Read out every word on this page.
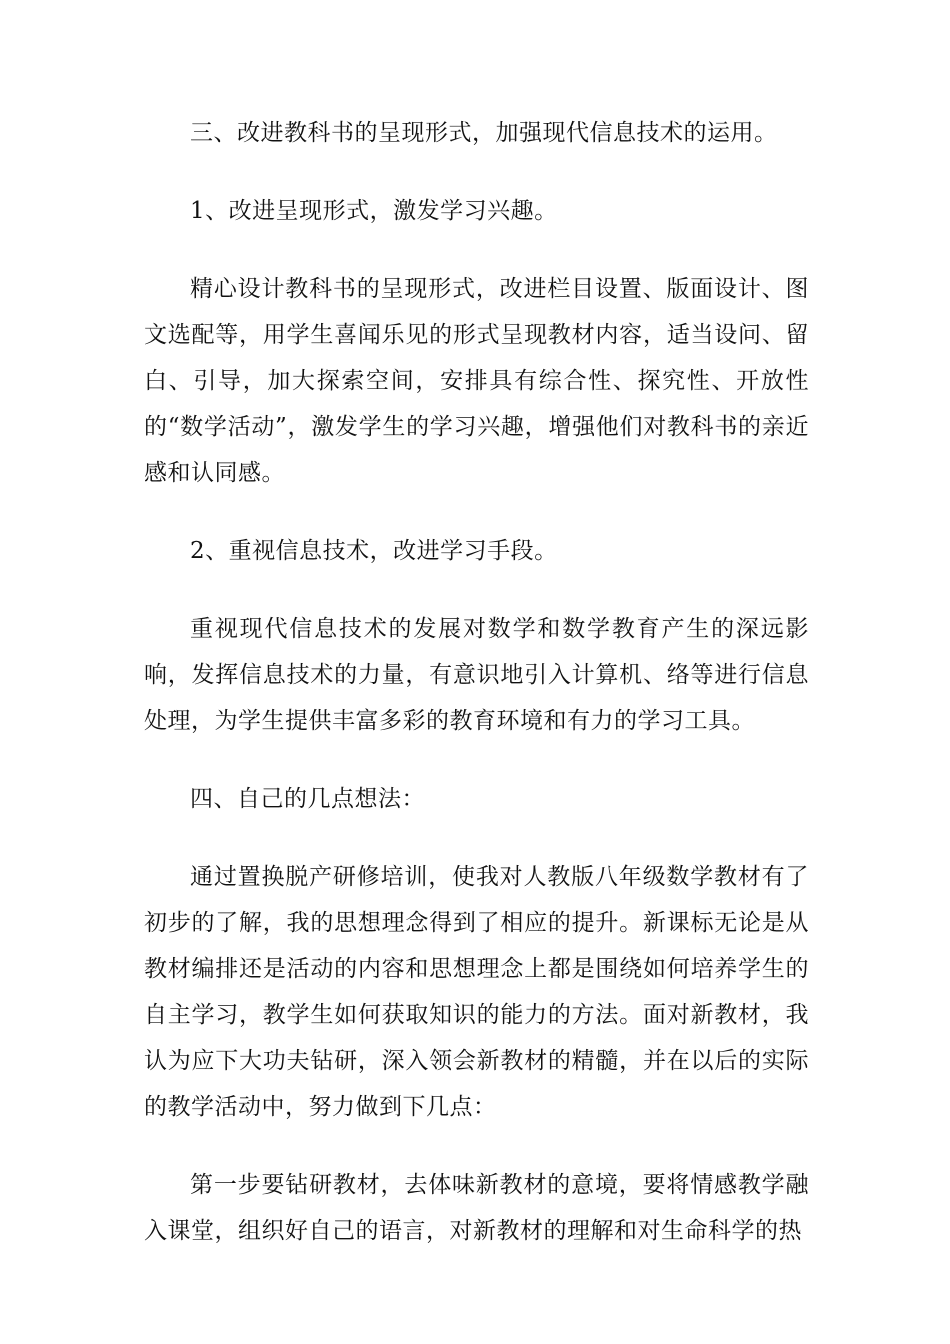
三、改进教科书的呈现形式，加强现代信息技术的运用。

1、改进呈现形式，激发学习兴趣。

精心设计教科书的呈现形式，改进栏目设置、版面设计、图文选配等，用学生喜闻乐见的形式呈现教材内容，适当设问、留白、引导，加大探索空间，安排具有综合性、探究性、开放性的“数学活动”，激发学生的学习兴趣，增强他们对教科书的亲近感和认同感。

2、重视信息技术，改进学习手段。

重视现代信息技术的发展对数学和数学教育产生的深远影响，发挥信息技术的力量，有意识地引入计算机、络等进行信息处理，为学生提供丰富多彩的教育环境和有力的学习工具。

四、自己的几点想法：

通过置换脱产研修培训，使我对人教版八年级数学教材有了初步的了解，我的思想理念得到了相应的提升。新课标无论是从教材编排还是活动的内容和思想理念上都是围绕如何培养学生的自主学习，教学生如何获取知识的能力的方法。面对新教材，我认为应下大功夫钻研，深入领会新教材的精髓，并在以后的实际的教学活动中，努力做到下几点：

第一步要钻研教材，去体味新教材的意境，要将情感教学融入课堂，组织好自己的语言，对新教材的理解和对生命科学的热
